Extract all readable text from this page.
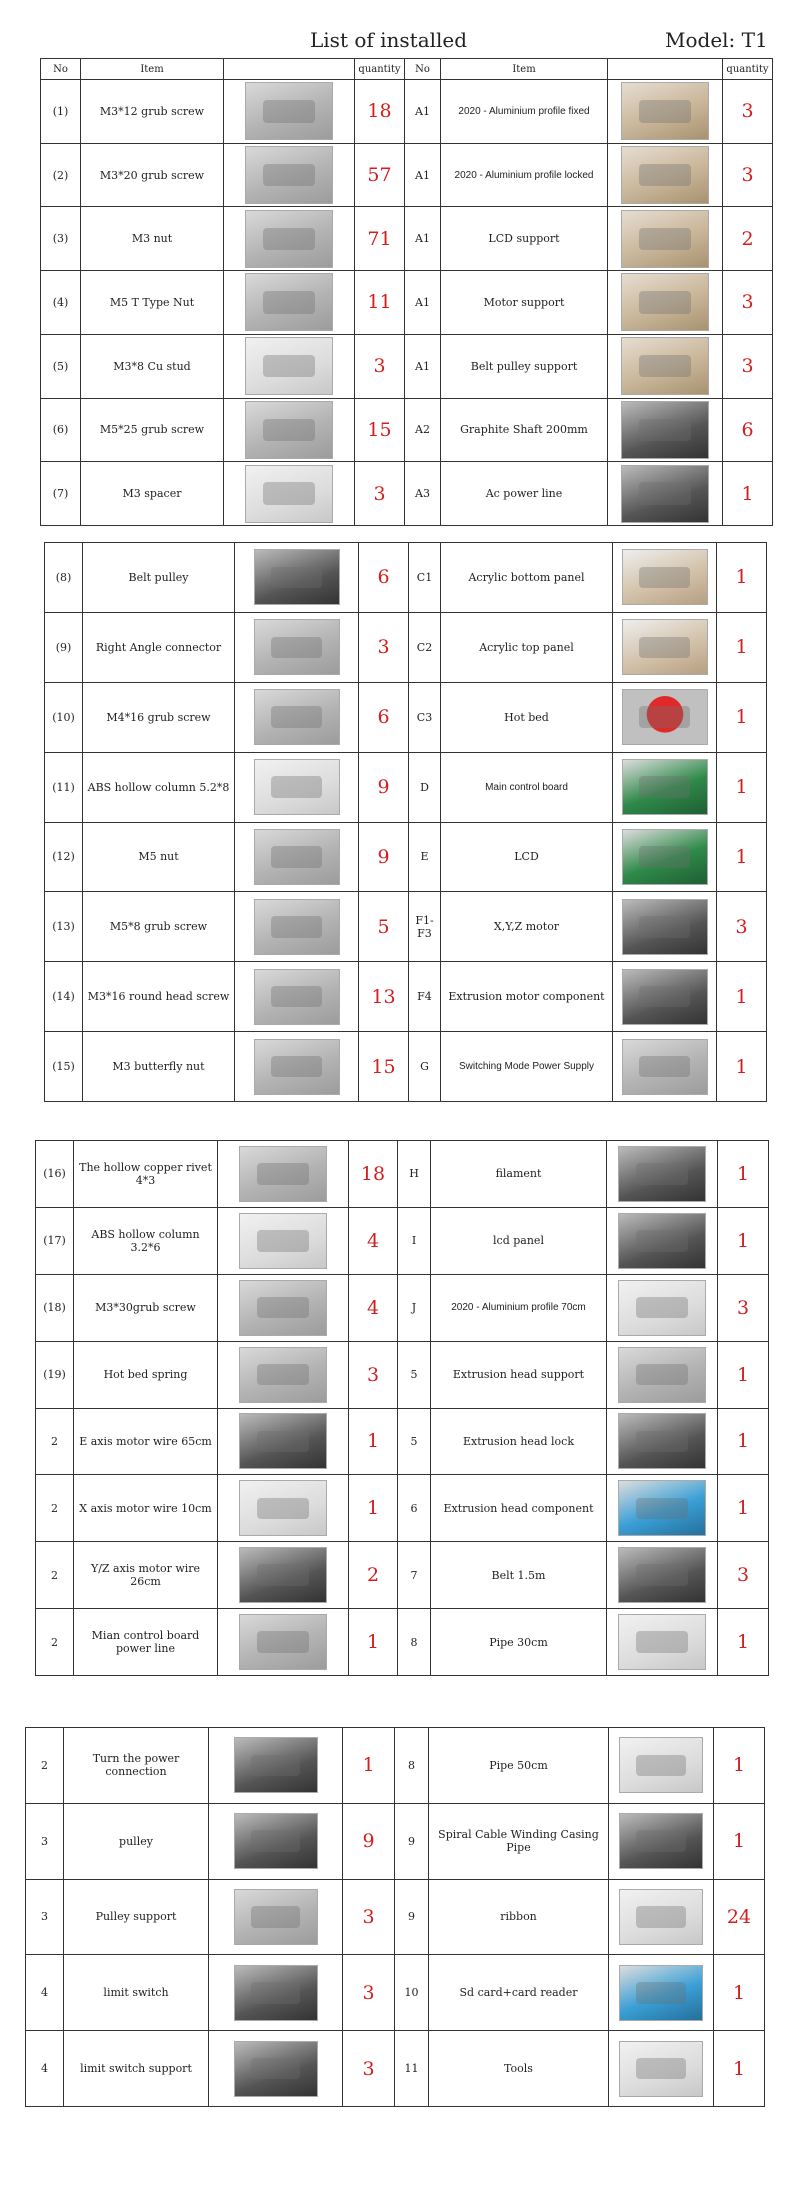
List of installed	Model: T1
No	Item		quantity	No	Item		quantity
(1)	M3*12 grub screw		18	A1	2020 - Aluminium profile fixed		3
(2)	M3*20 grub screw		57	A1	2020 - Aluminium profile locked		3
(3)	M3 nut		71	A1	LCD support		2
(4)	M5 T Type Nut		11	A1	Motor support		3
(5)	M3*8 Cu stud		3	A1	Belt pulley support		3
(6)	M5*25 grub screw		15	A2	Graphite Shaft 200mm		6
(7)	M3 spacer		3	A3	Ac power line		1
(8)	Belt pulley		6	C1	Acrylic bottom panel		1
(9)	Right Angle connector		3	C2	Acrylic top panel		1
(10)	M4*16 grub screw		6	C3	Hot bed		1
(11)	ABS hollow column 5.2*8		9	D	Main control board		1
(12)	M5 nut		9	E	LCD		1
(13)	M5*8 grub screw		5	F1-F3	X,Y,Z motor		3
(14)	M3*16 round head screw		13	F4	Extrusion motor component		1
(15)	M3 butterfly nut		15	G	Switching Mode Power Supply		1
(16)	The hollow copper rivet 4*3		18	H	filament		1
(17)	ABS hollow column 3.2*6		4	I	lcd panel		1
(18)	M3*30grub screw		4	J	2020 - Aluminium profile 70cm		3
(19)	Hot bed spring		3	5	Extrusion head support		1
2	E axis motor wire 65cm		1	5	Extrusion head lock		1
2	X axis motor wire 10cm		1	6	Extrusion head component		1
2	Y/Z axis motor wire 26cm		2	7	Belt 1.5m		3
2	Mian control board power line		1	8	Pipe 30cm		1
2	Turn the power connection		1	8	Pipe 50cm		1
3	pulley		9	9	Spiral Cable Winding Casing Pipe		1
3	Pulley support		3	9	ribbon		24
4	limit switch		3	10	Sd card+card reader		1
4	limit switch support		3	11	Tools		1
